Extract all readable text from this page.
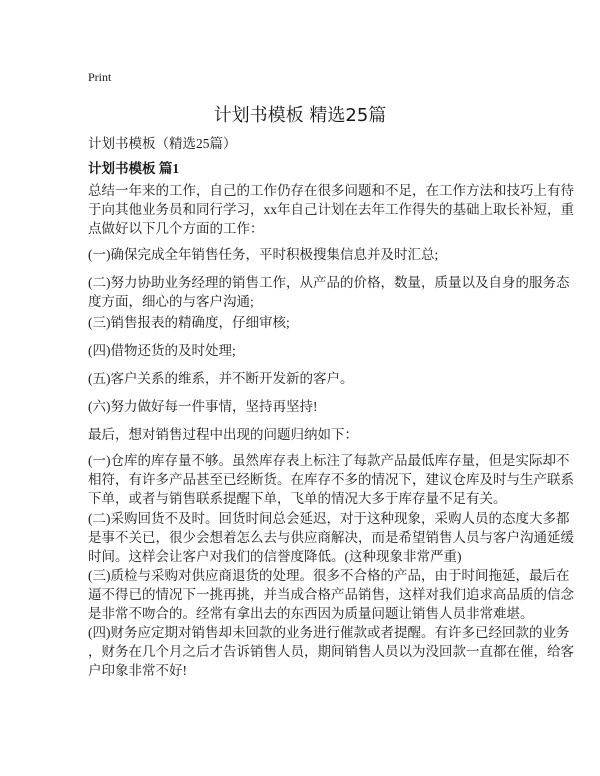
Print
计划书模板 精选25篇
计划书模板（精选25篇）
计划书模板 篇1
总结一年来的工作，自己的工作仍存在很多问题和不足，在工作方法和技巧上有待
于向其他业务员和同行学习，xx年自己计划在去年工作得失的基础上取长补短，重
点做好以下几个方面的工作：
(一)确保完成全年销售任务，平时积极搜集信息并及时汇总;
(二)努力协助业务经理的销售工作，从产品的价格，数量，质量以及自身的服务态
度方面，细心的与客户沟通;
(三)销售报表的精确度，仔细审核;
(四)借物还货的及时处理;
(五)客户关系的维系，并不断开发新的客户。
(六)努力做好每一件事情，坚持再坚持!
最后，想对销售过程中出现的问题归纳如下：
(一)仓库的库存量不够。虽然库存表上标注了每款产品最低库存量，但是实际却不
相符，有许多产品甚至已经断货。在库存不多的情况下，建议仓库及时与生产联系
下单，或者与销售联系提醒下单，飞单的情况大多于库存量不足有关。
(二)采购回货不及时。回货时间总会延迟，对于这种现象，采购人员的态度大多都
是事不关已，很少会想着怎么去与供应商解决，而是希望销售人员与客户沟通延缓
时间。这样会让客户对我们的信誉度降低。(这种现象非常严重)
(三)质检与采购对供应商退货的处理。很多不合格的产品，由于时间拖延，最后在
逼不得已的情况下一挑再挑，并当成合格产品销售，这样对我们追求高品质的信念
是非常不吻合的。经常有拿出去的东西因为质量问题让销售人员非常难堪。
(四)财务应定期对销售却未回款的业务进行催款或者提醒。有许多已经回款的业务
，财务在几个月之后才告诉销售人员，期间销售人员以为没回款一直都在催，给客
户印象非常不好!
